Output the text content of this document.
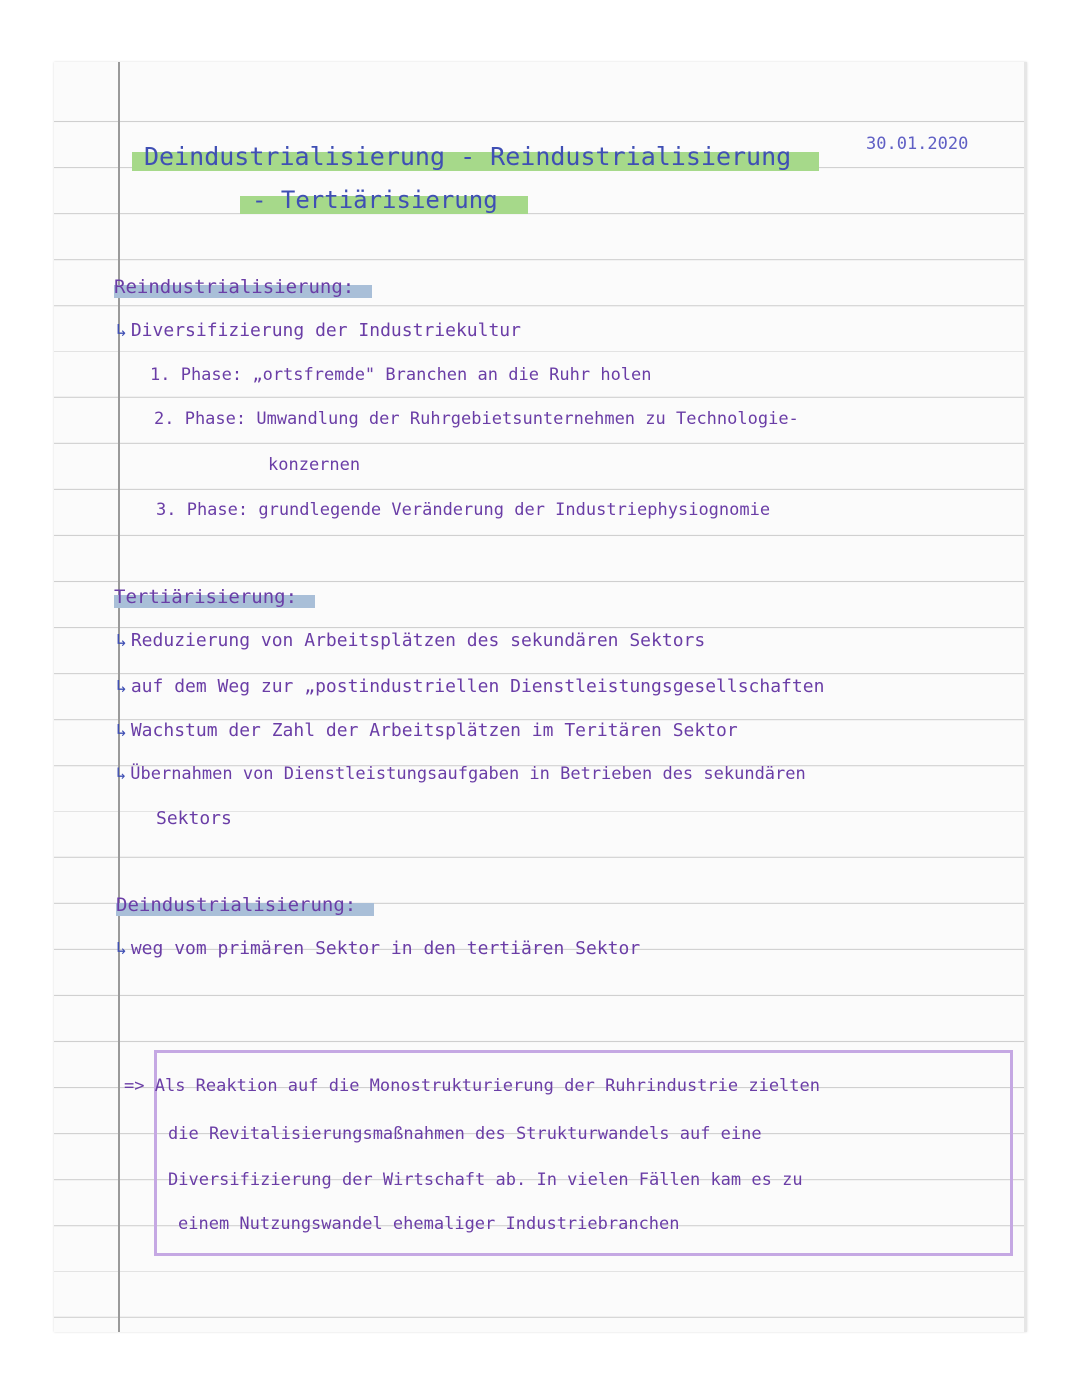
Deindustrialisierung - Reindustrialisierung
- Tertiärisierung
30.01.2020
Reindustrialisierung:
↳ Diversifizierung der Industriekultur
1. Phase: „ortsfremde" Branchen an die Ruhr holen
2. Phase: Umwandlung der Ruhrgebietsunternehmen zu Technologie-
konzernen
3. Phase: grundlegende Veränderung der Industriephysiognomie
Tertiärisierung:
↳ Reduzierung von Arbeitsplätzen des sekundären Sektors
↳ auf dem Weg zur „postindustriellen Dienstleistungsgesellschaften
↳ Wachstum der Zahl der Arbeitsplätzen im Teritären Sektor
↳ Übernahmen von Dienstleistungsaufgaben in Betrieben des sekundären
Sektors
Deindustrialisierung:
↳ weg vom primären Sektor in den tertiären Sektor
=> Als Reaktion auf die Monostrukturierung der Ruhrindustrie zielten
die Revitalisierungsmaßnahmen des Strukturwandels auf eine
Diversifizierung der Wirtschaft ab. In vielen Fällen kam es zu
einem Nutzungswandel ehemaliger Industriebranchen
